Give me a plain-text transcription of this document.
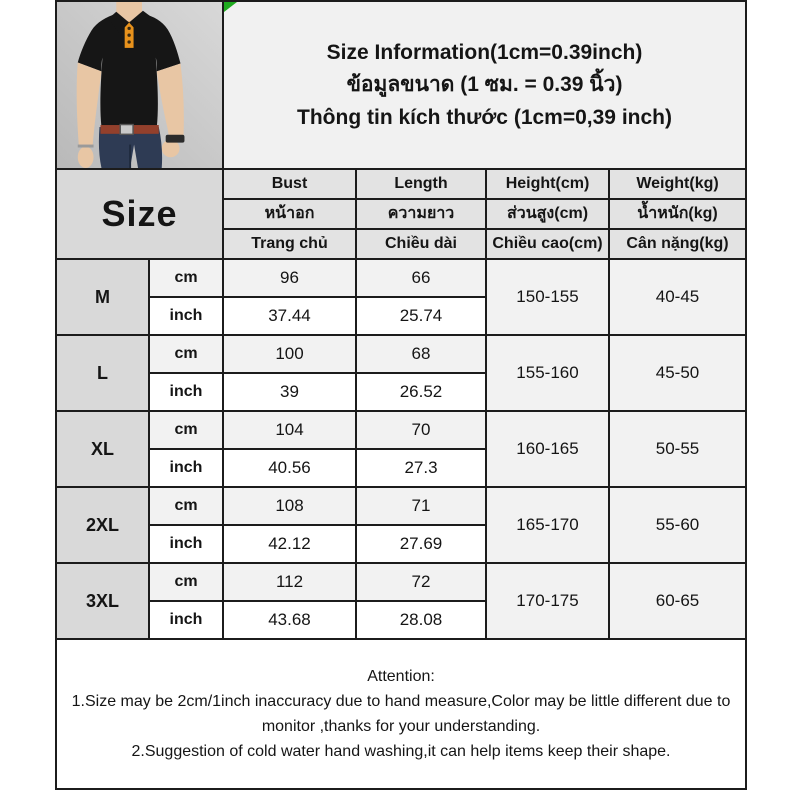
Size Information(1cm=0.39inch)
ข้อมูลขนาด (1 ซม. = 0.39 นิ้ว)
Thông tin kích thước (1cm=0,39 inch)			

Size		Bust	Length	Height(cm)	Weight(kg)
		หน้าอก	ความยาว	ส่วนสูง(cm)	น้ำหนัก(kg)
		Trang chủ	Chiều dài	Chiều cao(cm)	Cân nặng(kg)
M	cm	96	66	150-155	40-45
	inch	37.44	25.74		
L	cm	100	68	155-160	45-50
	inch	39	26.52		
XL	cm	104	70	160-165	50-55
	inch	40.56	27.3		
2XL	cm	108	71	165-170	55-60
	inch	42.12	27.69		
3XL	cm	112	72	170-175	60-65
	inch	43.68	28.08		

Attention:
1.Size may be 2cm/1inch inaccuracy due to hand measure,Color may be little different due to monitor ,thanks for your understanding.
2.Suggestion of cold water hand washing,it can help items keep their shape.					
